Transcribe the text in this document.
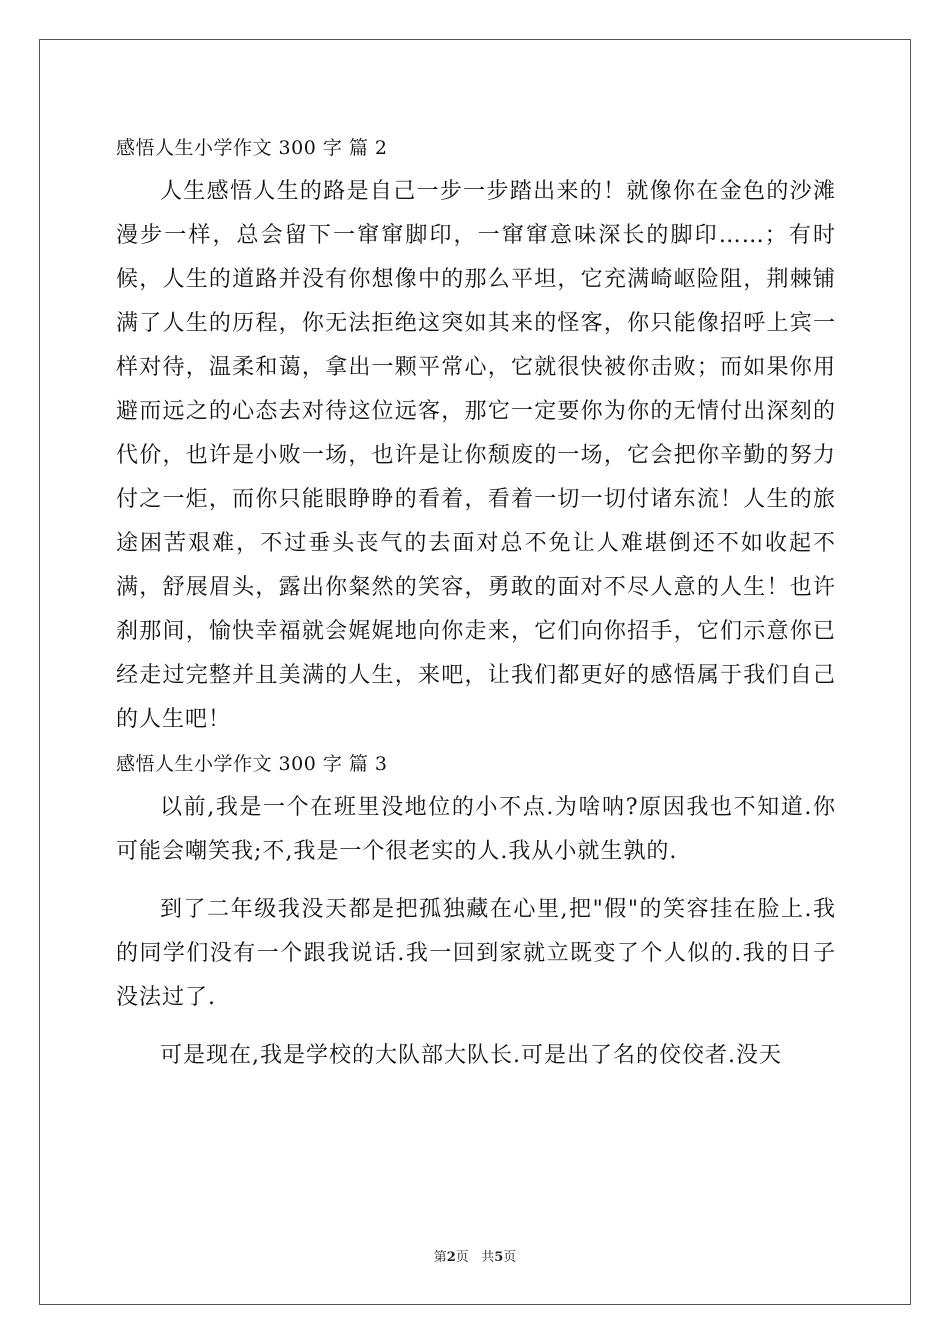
感悟人生小学作文 300 字 篇 2

人生感悟人生的路是自己一步一步踏出来的！就像你在金色的沙滩漫步一样，总会留下一窜窜脚印，一窜窜意味深长的脚印……；有时候，人生的道路并没有你想像中的那么平坦，它充满崎岖险阻，荆棘铺满了人生的历程，你无法拒绝这突如其来的怪客，你只能像招呼上宾一样对待，温柔和蔼，拿出一颗平常心，它就很快被你击败；而如果你用避而远之的心态去对待这位远客，那它一定要你为你的无情付出深刻的代价，也许是小败一场，也许是让你颓废的一场，它会把你辛勤的努力付之一炬，而你只能眼睁睁的看着，看着一切一切付诸东流！人生的旅途困苦艰难，不过垂头丧气的去面对总不免让人难堪倒还不如收起不满，舒展眉头，露出你粲然的笑容，勇敢的面对不尽人意的人生！也许刹那间，愉快幸福就会娓娓地向你走来，它们向你招手，它们示意你已经走过完整并且美满的人生，来吧，让我们都更好的感悟属于我们自己的人生吧！

感悟人生小学作文 300 字 篇 3

以前,我是一个在班里没地位的小不点.为啥呐?原因我也不知道.你可能会嘲笑我;不,我是一个很老实的人.我从小就生孰的.

到了二年级我没天都是把孤独藏在心里,把"假"的笑容挂在脸上.我的同学们没有一个跟我说话.我一回到家就立既变了个人似的.我的日子没法过了.

可是现在,我是学校的大队部大队长.可是出了名的佼佼者.没天

第2页 共5页
